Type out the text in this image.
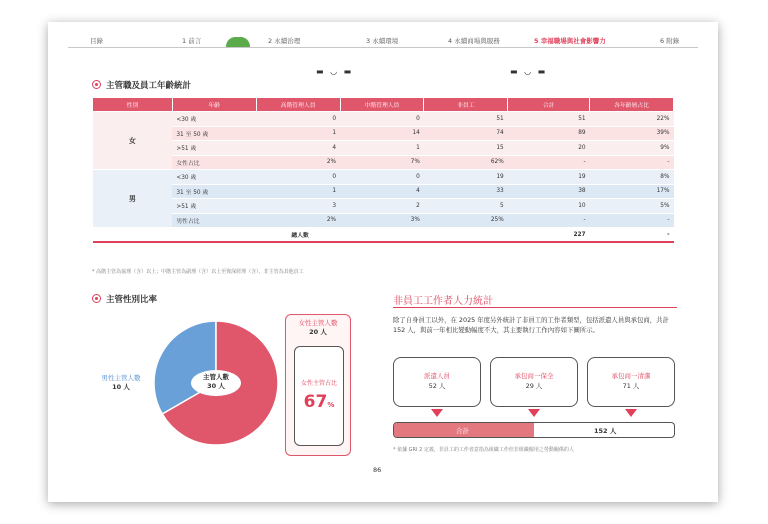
目錄	1 前言	2 永續治理	3 永續環境	4 永續商場與服務	5 幸福職場與社會影響力	6 附錄
▬ ◡ ▬	▬ ◡ ▬
主管職及員工年齡統計
性別	年齡	高階管理人員	中階管理人員	非員工	合計	各年齡層占比
女	<30 歲	0	0	51	51	22%
	31 至 50 歲	1	14	74	89	39%
	>51 歲	4	1	15	20	9%
	女性占比	2%	7%	62%	-	-
男	<30 歲	0	0	19	19	8%
	31 至 50 歲	1	4	33	38	17%
	>51 歲	3	2	5	10	5%
	男性占比	2%	3%	25%	-	-
總人數					227	-
* 高階主管為協理（含）以上；中階主管為副理（含）以上至資深經理（含），非主管為其他員工
主管性別比率
主管人數
30 人
男性主管人數
10 人
女性主管人數
20 人
女性主管占比
67%
非員工工作者人力統計
除了自身員工以外，在 2025 年度另外統計了非員工的工作者類型，包括派遣人員與承包商，共計 152 人，與前一年相比變動幅度不大，其主要執行工作內容如下圖所示。
派遣人員
52 人
承包商一保全
29 人
承包商一清潔
71 人
合計	152 人
* 依據 GRI 2 定義，非員工的工作者意指為組織工作但非組織僱用之勞動關係的人
86
